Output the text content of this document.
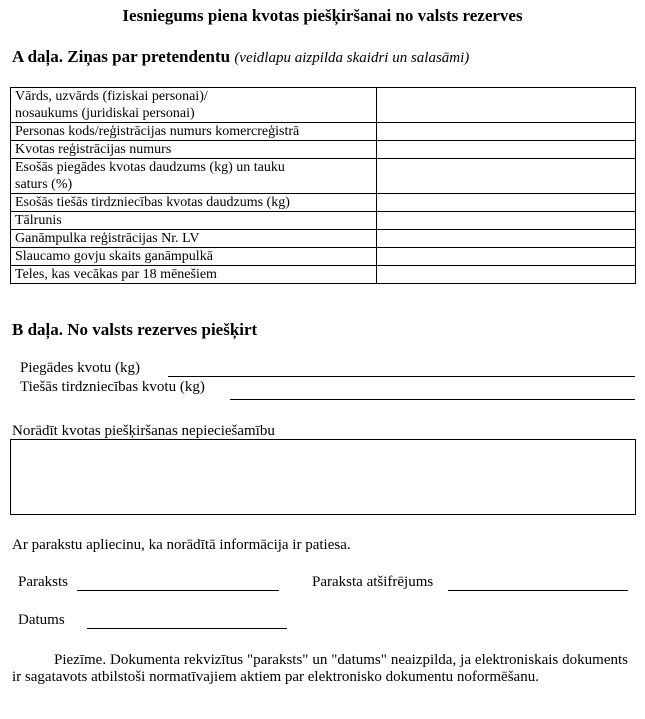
Iesniegums piena kvotas piešķiršanai no valsts rezerves
A daļa. Ziņas par pretendentu (veidlapu aizpilda skaidri un salasāmi)
Vārds, uzvārds (fiziskai personai)/
nosaukums (juridiskai personai)	

Personas kods/reģistrācijas numurs komercreģistrā	
Kvotas reģistrācijas numurs	

Esošās piegādes kvotas daudzums (kg) un tauku
saturs (%)	

Esošās tiešās tirdzniecības kvotas daudzums (kg)	
Tālrunis	
Ganāmpulka reģistrācijas Nr. LV	
Slaucamo govju skaits ganāmpulkā	
Teles, kas vecākas par 18 mēnešiem	
B daļa. No valsts rezerves piešķirt
Piegādes kvotu (kg)
Tiešās tirdzniecības kvotu (kg)
Norādīt kvotas piešķiršanas nepieciešamību
Ar parakstu apliecinu, ka norādītā informācija ir patiesa.
Paraksts	Paraksta atšifrējums
Datums
Piezīme. Dokumenta rekvizītus "paraksts" un "datums" neaizpilda, ja elektroniskais dokuments ir sagatavots atbilstoši normatīvajiem aktiem par elektronisko dokumentu noformēšanu.
